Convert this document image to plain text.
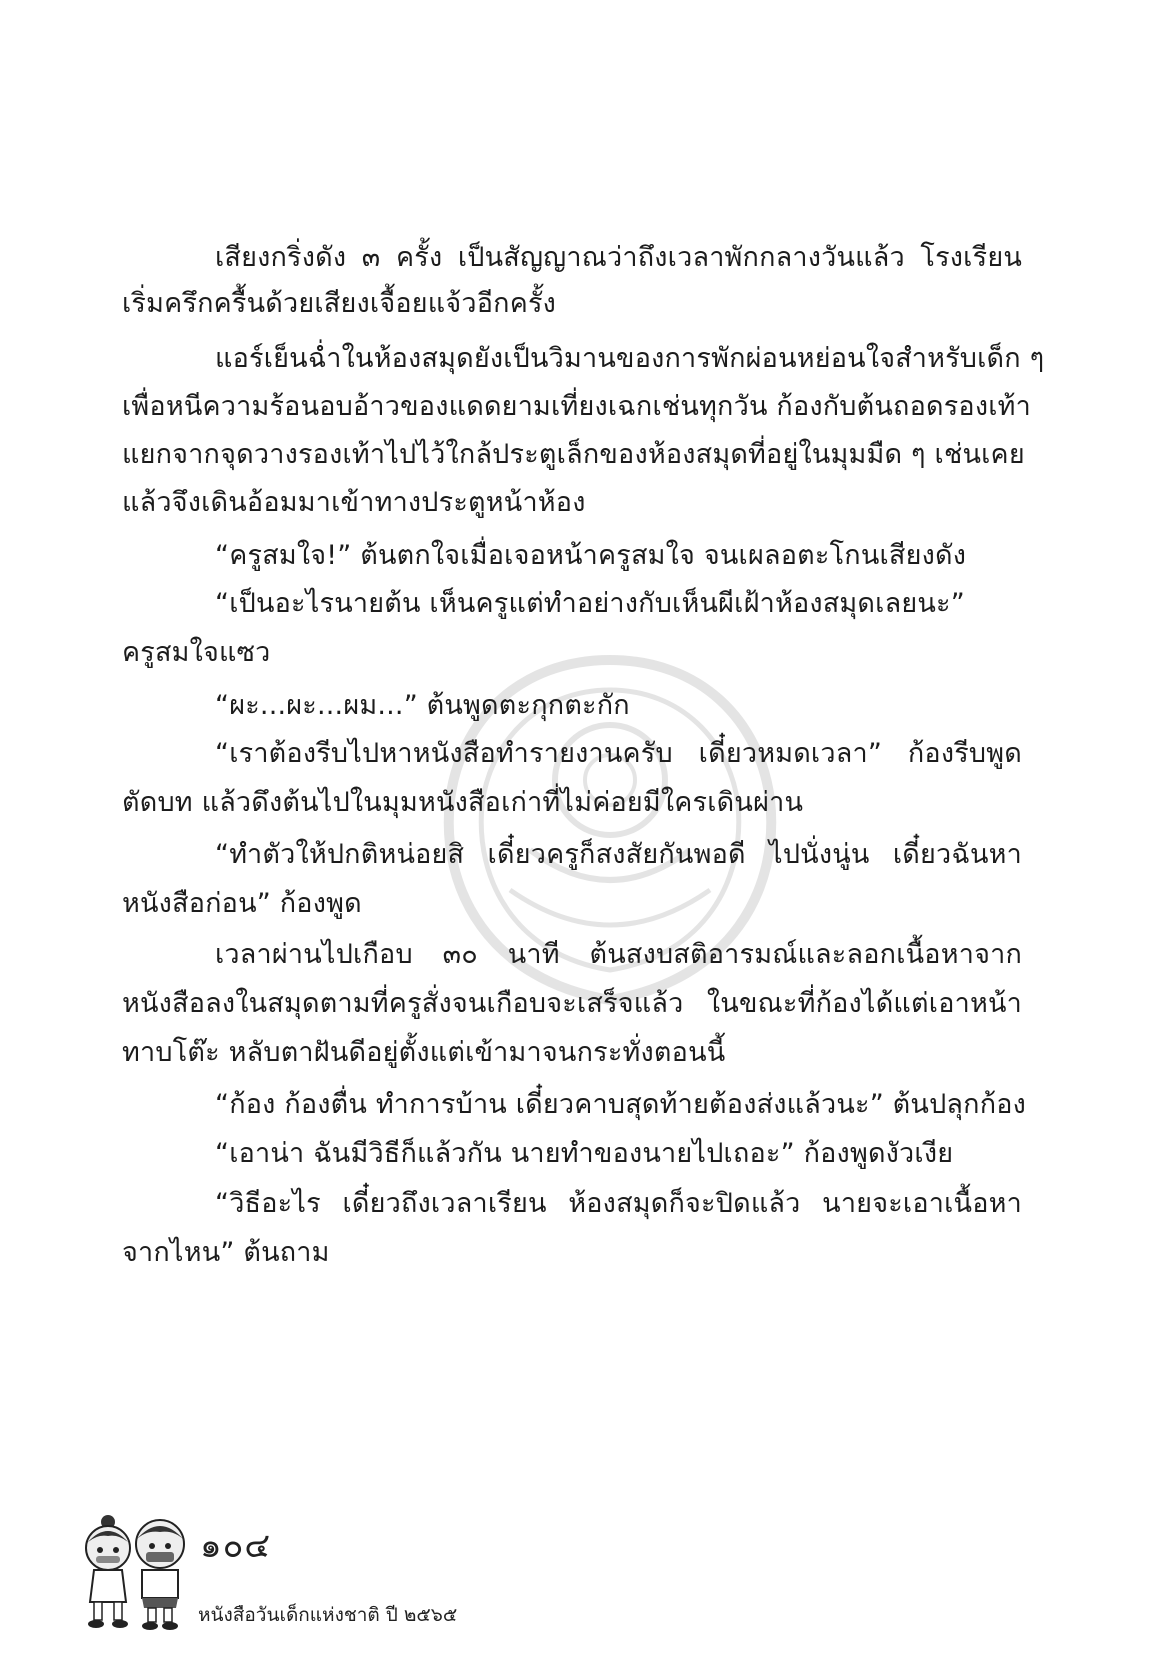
เสียงกริ่งดัง ๓ ครั้ง เป็นสัญญาณว่าถึงเวลาพักกลางวันแล้ว โรงเรียน
เริ่มครึกครื้นด้วยเสียงเจื้อยแจ้วอีกครั้ง
แอร์เย็นฉ่ำในห้องสมุดยังเป็นวิมานของการพักผ่อนหย่อนใจสำหรับเด็ก ๆ
เพื่อหนีความร้อนอบอ้าวของแดดยามเที่ยงเฉกเช่นทุกวัน ก้องกับต้นถอดรองเท้า
แยกจากจุดวางรองเท้าไปไว้ใกล้ประตูเล็กของห้องสมุดที่อยู่ในมุมมืด ๆ เช่นเคย
แล้วจึงเดินอ้อมมาเข้าทางประตูหน้าห้อง
“ครูสมใจ!” ต้นตกใจเมื่อเจอหน้าครูสมใจ จนเผลอตะโกนเสียงดัง
“เป็นอะไรนายต้น เห็นครูแต่ทำอย่างกับเห็นผีเฝ้าห้องสมุดเลยนะ”
ครูสมใจแซว
“ผะ...ผะ...ผม...” ต้นพูดตะกุกตะกัก
“เราต้องรีบไปหาหนังสือทำรายงานครับ เดี๋ยวหมดเวลา” ก้องรีบพูด
ตัดบท แล้วดึงต้นไปในมุมหนังสือเก่าที่ไม่ค่อยมีใครเดินผ่าน
“ทำตัวให้ปกติหน่อยสิ เดี๋ยวครูก็สงสัยกันพอดี ไปนั่งนู่น เดี๋ยวฉันหา
หนังสือก่อน” ก้องพูด
เวลาผ่านไปเกือบ ๓๐ นาที ต้นสงบสติอารมณ์และลอกเนื้อหาจาก
หนังสือลงในสมุดตามที่ครูสั่งจนเกือบจะเสร็จแล้ว ในขณะที่ก้องได้แต่เอาหน้า
ทาบโต๊ะ หลับตาฝันดีอยู่ตั้งแต่เข้ามาจนกระทั่งตอนนี้
“ก้อง ก้องตื่น ทำการบ้าน เดี๋ยวคาบสุดท้ายต้องส่งแล้วนะ” ต้นปลุกก้อง
“เอาน่า ฉันมีวิธีก็แล้วกัน นายทำของนายไปเถอะ” ก้องพูดงัวเงีย
“วิธีอะไร เดี๋ยวถึงเวลาเรียน ห้องสมุดก็จะปิดแล้ว นายจะเอาเนื้อหา
จากไหน” ต้นถาม
๑๐๔
หนังสือวันเด็กแห่งชาติ ปี ๒๕๖๕
